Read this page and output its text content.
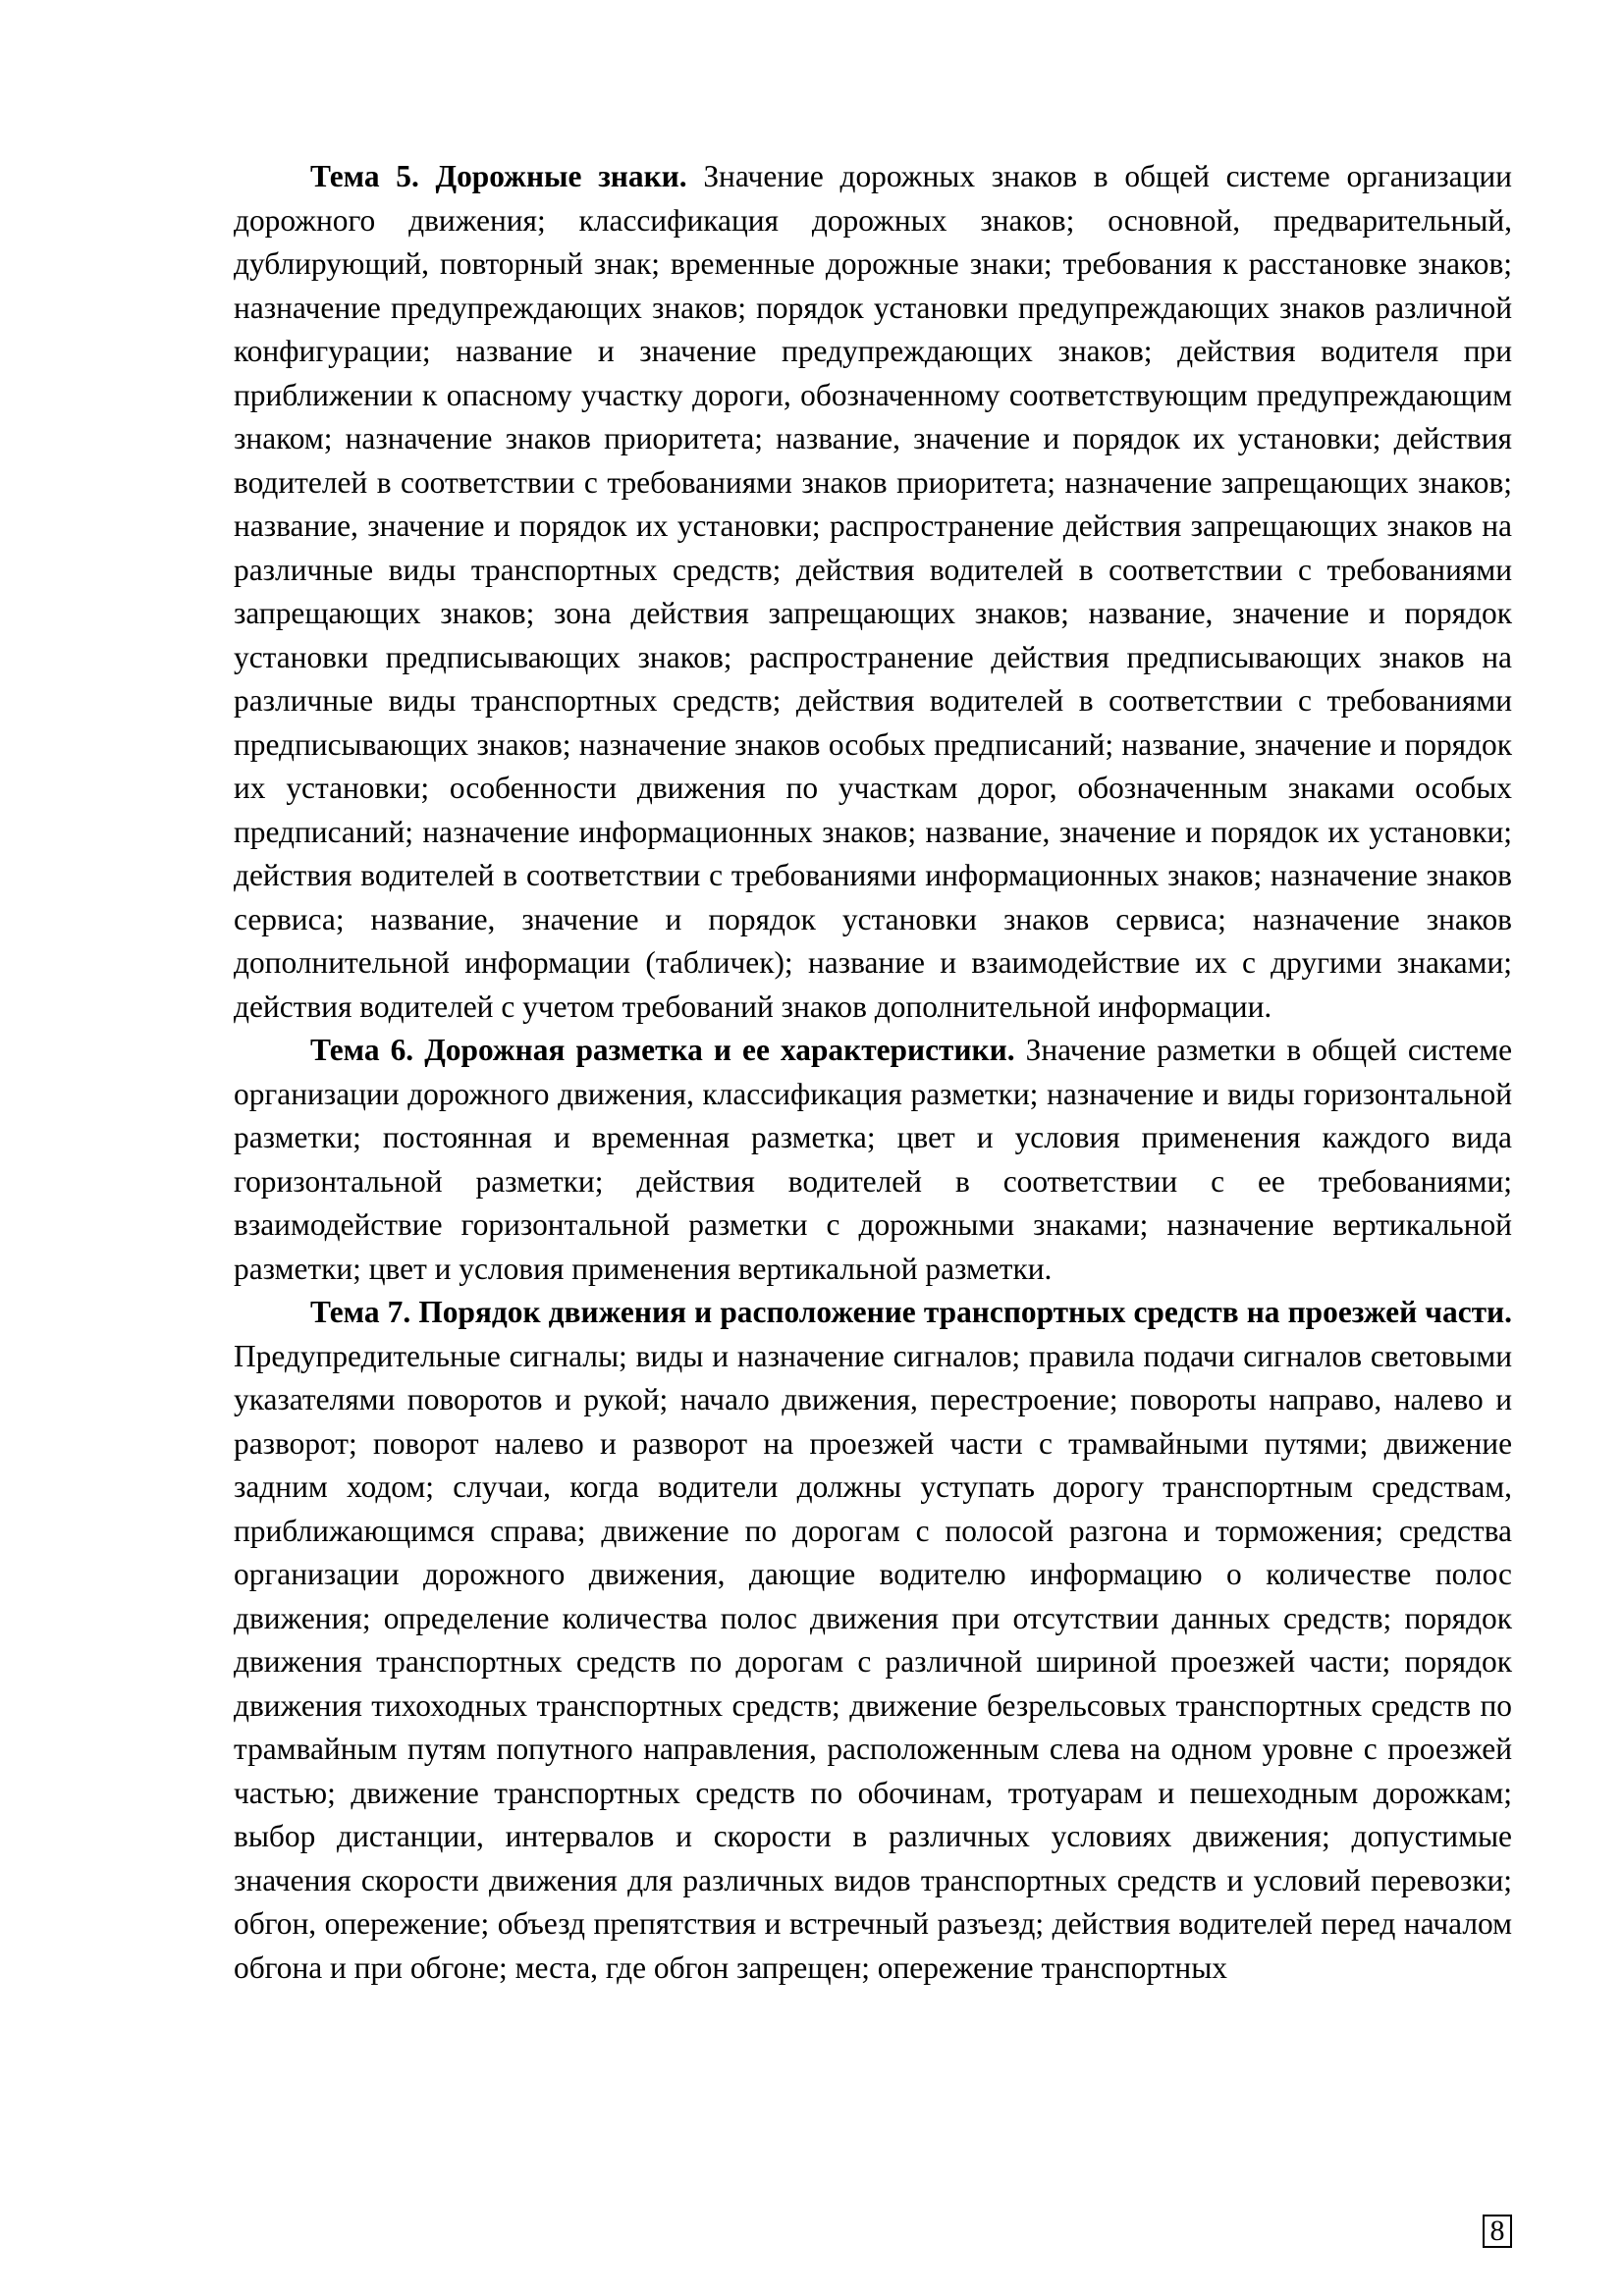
Тема 5. Дорожные знаки. Значение дорожных знаков в общей системе организации дорожного движения; классификация дорожных знаков; основной, предварительный, дублирующий, повторный знак; временные дорожные знаки; требования к расстановке знаков; назначение предупреждающих знаков; порядок установки предупреждающих знаков различной конфигурации; название и значение предупреждающих знаков; действия водителя при приближении к опасному участку дороги, обозначенному соответствующим предупреждающим знаком; назначение знаков приоритета; название, значение и порядок их установки; действия водителей в соответствии с требованиями знаков приоритета; назначение запрещающих знаков; название, значение и порядок их установки; распространение действия запрещающих знаков на различные виды транспортных средств; действия водителей в соответствии с требованиями запрещающих знаков; зона действия запрещающих знаков; название, значение и порядок установки предписывающих знаков; распространение действия предписывающих знаков на различные виды транспортных средств; действия водителей в соответствии с требованиями предписывающих знаков; назначение знаков особых предписаний; название, значение и порядок их установки; особенности движения по участкам дорог, обозначенным знаками особых предписаний; назначение информационных знаков; название, значение и порядок их установки; действия водителей в соответствии с требованиями информационных знаков; назначение знаков сервиса; название, значение и порядок установки знаков сервиса; назначение знаков дополнительной информации (табличек); название и взаимодействие их с другими знаками; действия водителей с учетом требований знаков дополнительной информации.

Тема 6. Дорожная разметка и ее характеристики. Значение разметки в общей системе организации дорожного движения, классификация разметки; назначение и виды горизонтальной разметки; постоянная и временная разметка; цвет и условия применения каждого вида горизонтальной разметки; действия водителей в соответствии с ее требованиями; взаимодействие горизонтальной разметки с дорожными знаками; назначение вертикальной разметки; цвет и условия применения вертикальной разметки.

Тема 7. Порядок движения и расположение транспортных средств на проезжей части. Предупредительные сигналы; виды и назначение сигналов; правила подачи сигналов световыми указателями поворотов и рукой; начало движения, перестроение; повороты направо, налево и разворот; поворот налево и разворот на проезжей части с трамвайными путями; движение задним ходом; случаи, когда водители должны уступать дорогу транспортным средствам, приближающимся справа; движение по дорогам с полосой разгона и торможения; средства организации дорожного движения, дающие водителю информацию о количестве полос движения; определение количества полос движения при отсутствии данных средств; порядок движения транспортных средств по дорогам с различной шириной проезжей части; порядок движения тихоходных транспортных средств; движение безрельсовых транспортных средств по трамвайным путям попутного направления, расположенным слева на одном уровне с проезжей частью; движение транспортных средств по обочинам, тротуарам и пешеходным дорожкам; выбор дистанции, интервалов и скорости в различных условиях движения; допустимые значения скорости движения для различных видов транспортных средств и условий перевозки; обгон, опережение; объезд препятствия и встречный разъезд; действия водителей перед началом обгона и при обгоне; места, где обгон запрещен; опережение транспортных

8
